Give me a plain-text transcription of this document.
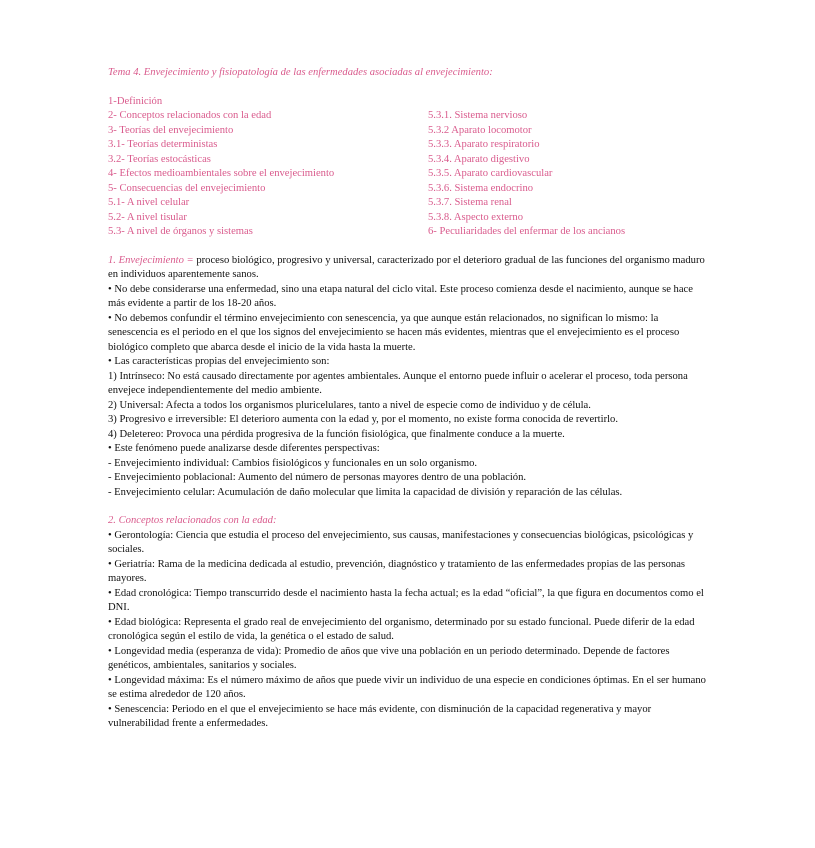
Tema 4. Envejecimiento y fisiopatología de las enfermedades asociadas al envejecimiento:
1-Definición
2- Conceptos relacionados con la edad
3- Teorías del envejecimiento
3.1- Teorías deterministas
3.2- Teorías estocásticas
4- Efectos medioambientales sobre el envejecimiento
5- Consecuencias del envejecimiento
5.1- A nivel celular
5.2- A nivel tisular
5.3- A nivel de órganos y sistemas
5.3.1. Sistema nervioso
5.3.2 Aparato locomotor
5.3.3. Aparato respiratorio
5.3.4. Aparato digestivo
5.3.5. Aparato cardiovascular
5.3.6. Sistema endocrino
5.3.7. Sistema renal
5.3.8. Aspecto externo
6- Peculiaridades del enfermar de los ancianos

1. Envejecimiento = proceso biológico, progresivo y universal, caracterizado por el deterioro gradual de las funciones del organismo maduro en individuos aparentemente sanos.

• No debe considerarse una enfermedad, sino una etapa natural del ciclo vital. Este proceso comienza desde el nacimiento, aunque se hace más evidente a partir de los 18-20 años.

• No debemos confundir el término envejecimiento con senescencia, ya que aunque están relacionados, no significan lo mismo: la senescencia es el periodo en el que los signos del envejecimiento se hacen más evidentes, mientras que el envejecimiento es el proceso biológico completo que abarca desde el inicio de la vida hasta la muerte.

• Las características propias del envejecimiento son:

1) Intrínseco: No está causado directamente por agentes ambientales. Aunque el entorno puede influir o acelerar el proceso, toda persona envejece independientemente del medio ambiente.

2) Universal: Afecta a todos los organismos pluricelulares, tanto a nivel de especie como de individuo y de célula.

3) Progresivo e irreversible: El deterioro aumenta con la edad y, por el momento, no existe forma conocida de revertirlo.

4) Deletereo: Provoca una pérdida progresiva de la función fisiológica, que finalmente conduce a la muerte.

• Este fenómeno puede analizarse desde diferentes perspectivas:

- Envejecimiento individual: Cambios fisiológicos y funcionales en un solo organismo.

- Envejecimiento poblacional: Aumento del número de personas mayores dentro de una población.

- Envejecimiento celular: Acumulación de daño molecular que limita la capacidad de división y reparación de las células.

2. Conceptos relacionados con la edad:

• Gerontología: Ciencia que estudia el proceso del envejecimiento, sus causas, manifestaciones y consecuencias biológicas, psicológicas y sociales.

• Geriatría: Rama de la medicina dedicada al estudio, prevención, diagnóstico y tratamiento de las enfermedades propias de las personas mayores.

• Edad cronológica: Tiempo transcurrido desde el nacimiento hasta la fecha actual; es la edad “oficial”, la que figura en documentos como el DNI.

• Edad biológica: Representa el grado real de envejecimiento del organismo, determinado por su estado funcional. Puede diferir de la edad cronológica según el estilo de vida, la genética o el estado de salud.

• Longevidad media (esperanza de vida): Promedio de años que vive una población en un periodo determinado. Depende de factores genéticos, ambientales, sanitarios y sociales.

• Longevidad máxima: Es el número máximo de años que puede vivir un individuo de una especie en condiciones óptimas. En el ser humano se estima alrededor de 120 años.

• Senescencia: Periodo en el que el envejecimiento se hace más evidente, con disminución de la capacidad regenerativa y mayor vulnerabilidad frente a enfermedades.
